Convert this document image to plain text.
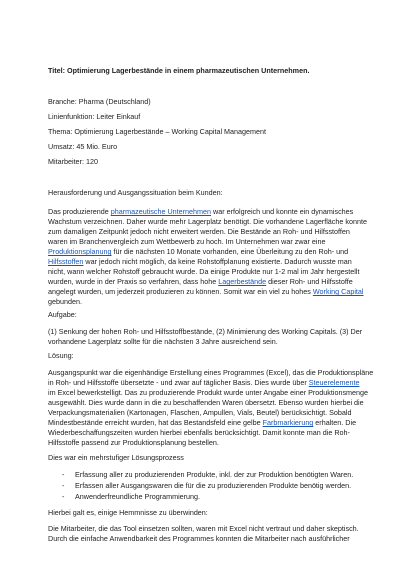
Titel: Optimierung Lagerbestände in einem pharmazeutischen Unternehmen.
Branche: Pharma (Deutschland)
Linienfunktion: Leiter Einkauf
Thema: Optimierung Lagerbestände – Working Capital Management
Umsatz: 45 Mio. Euro
Mitarbeiter: 120
Herausforderung und Ausgangssituation beim Kunden:
Das produzierende pharmazeutische Unternehmen war erfolgreich und konnte ein dynamisches
Wachstum verzeichnen. Daher wurde mehr Lagerplatz benötigt. Die vorhandene Lagerfläche konnte
zum damaligen Zeitpunkt jedoch nicht erweitert werden. Die Bestände an Roh- und Hilfsstoffen
waren im Branchenvergleich zum Wettbewerb zu hoch. Im Unternehmen war zwar eine
Produktionsplanung für die nächsten 10 Monate vorhanden, eine Überleitung zu den Roh- und
Hilfsstoffen war jedoch nicht möglich, da keine Rohstoffplanung existierte. Dadurch wusste man
nicht, wann welcher Rohstoff gebraucht wurde. Da einige Produkte nur 1-2 mal im Jahr hergestellt
wurden, wurde in der Praxis so verfahren, dass hohe Lagerbestände dieser Roh- und Hilfsstoffe
angelegt wurden, um jederzeit produzieren zu können. Somit war ein viel zu hohes Working Capital
gebunden.
Aufgabe:
(1) Senkung der hohen Roh- und Hilfsstoffbestände, (2) Minimierung des Working Capitals. (3) Der
vorhandene Lagerplatz sollte für die nächsten 3 Jahre ausreichend sein.
Lösung:
Ausgangspunkt war die eigenhändige Erstellung eines Programmes (Excel), das die Produktionspläne
in Roh- und Hilfsstoffe übersetzte - und zwar auf täglicher Basis. Dies wurde über Steuerelemente
im Excel bewerkstelligt. Das zu produzierende Produkt wurde unter Angabe einer Produktionsmenge
ausgewählt. Dies wurde dann in die zu beschaffenden Waren übersetzt. Ebenso wurden hierbei die
Verpackungsmaterialien (Kartonagen, Flaschen, Ampullen, Vials, Beutel) berücksichtigt. Sobald
Mindestbestände erreicht wurden, hat das Bestandsfeld eine gelbe Farbmarkierung erhalten. Die
Wiederbeschaffungszeiten wurden hierbei ebenfalls berücksichtigt. Damit konnte man die Roh-
Hilfsstoffe passend zur Produktionsplanung bestellen.
Dies war ein mehrstufiger Lösungsprozess
- Erfassung aller zu produzierenden Produkte, inkl. der zur Produktion benötigten Waren.
- Erfassen aller Ausgangswaren die für die zu produzierenden Produkte benötig werden.
- Anwenderfreundliche Programmierung.
Hierbei galt es, einige Hemmnisse zu überwinden:
Die Mitarbeiter, die das Tool einsetzen sollten, waren mit Excel nicht vertraut und daher skeptisch.
Durch die einfache Anwendbarkeit des Programmes konnten die Mitarbeiter nach ausführlicher
